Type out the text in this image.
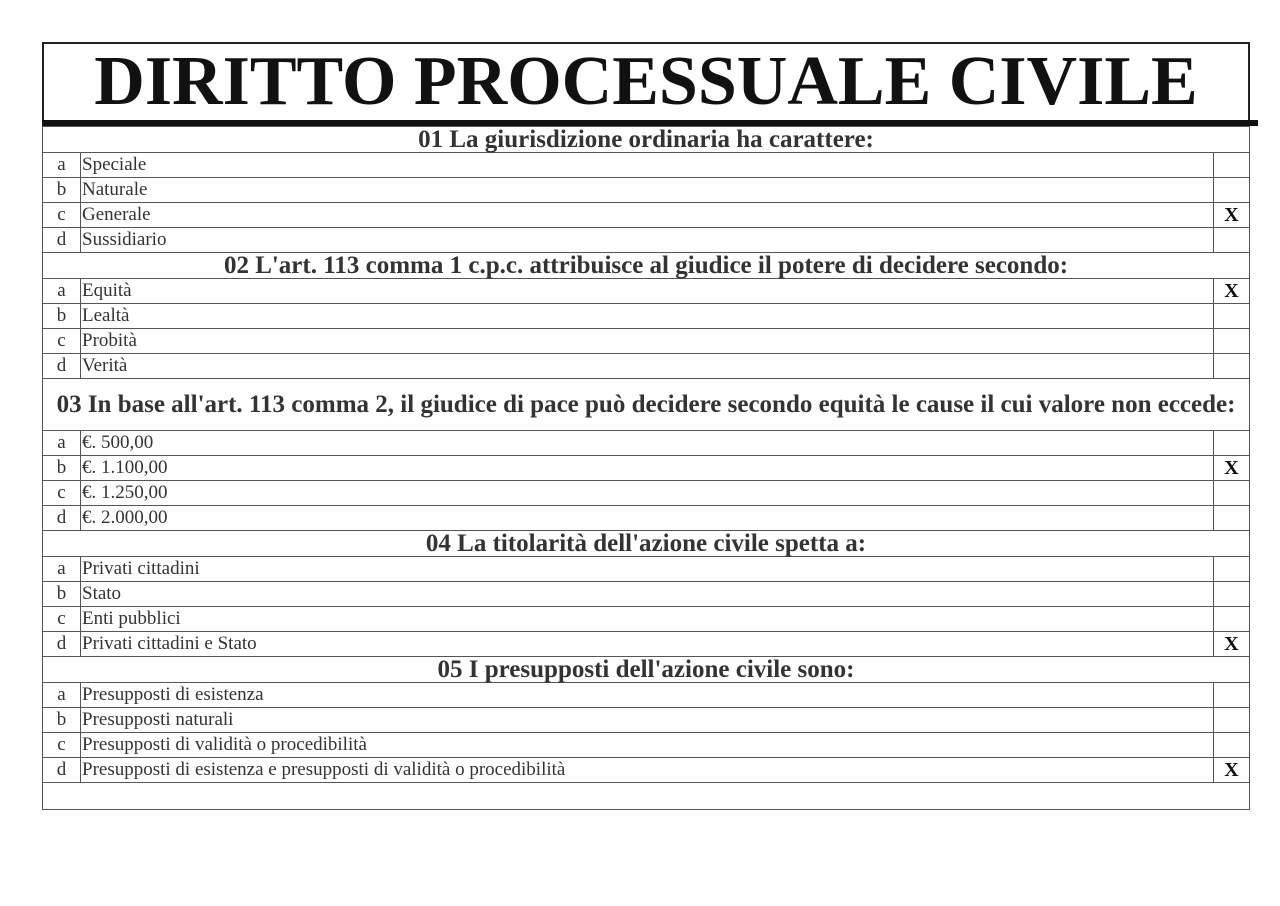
DIRITTO PROCESSUALE CIVILE
01 La giurisdizione ordinaria ha carattere:		
a	Speciale	
b	Naturale	
c	Generale	X
d	Sussidiario	
02 L'art. 113 comma 1 c.p.c. attribuisce al giudice il potere di decidere secondo:		
a	Equità	X
b	Lealtà	
c	Probità	
d	Verità	
03 In base all'art. 113 comma 2, il giudice di pace può decidere secondo equità le cause il cui valore non eccede:		
a	€. 500,00	
b	€. 1.100,00	X
c	€. 1.250,00	
d	€. 2.000,00	
04 La titolarità dell'azione civile spetta a:		
a	Privati cittadini	
b	Stato	
c	Enti pubblici	
d	Privati cittadini e Stato	X
05 I presupposti dell'azione civile sono:		
a	Presupposti di esistenza	
b	Presupposti naturali	
c	Presupposti di validità o procedibilità	
d	Presupposti di esistenza e presupposti di validità o procedibilità	X
